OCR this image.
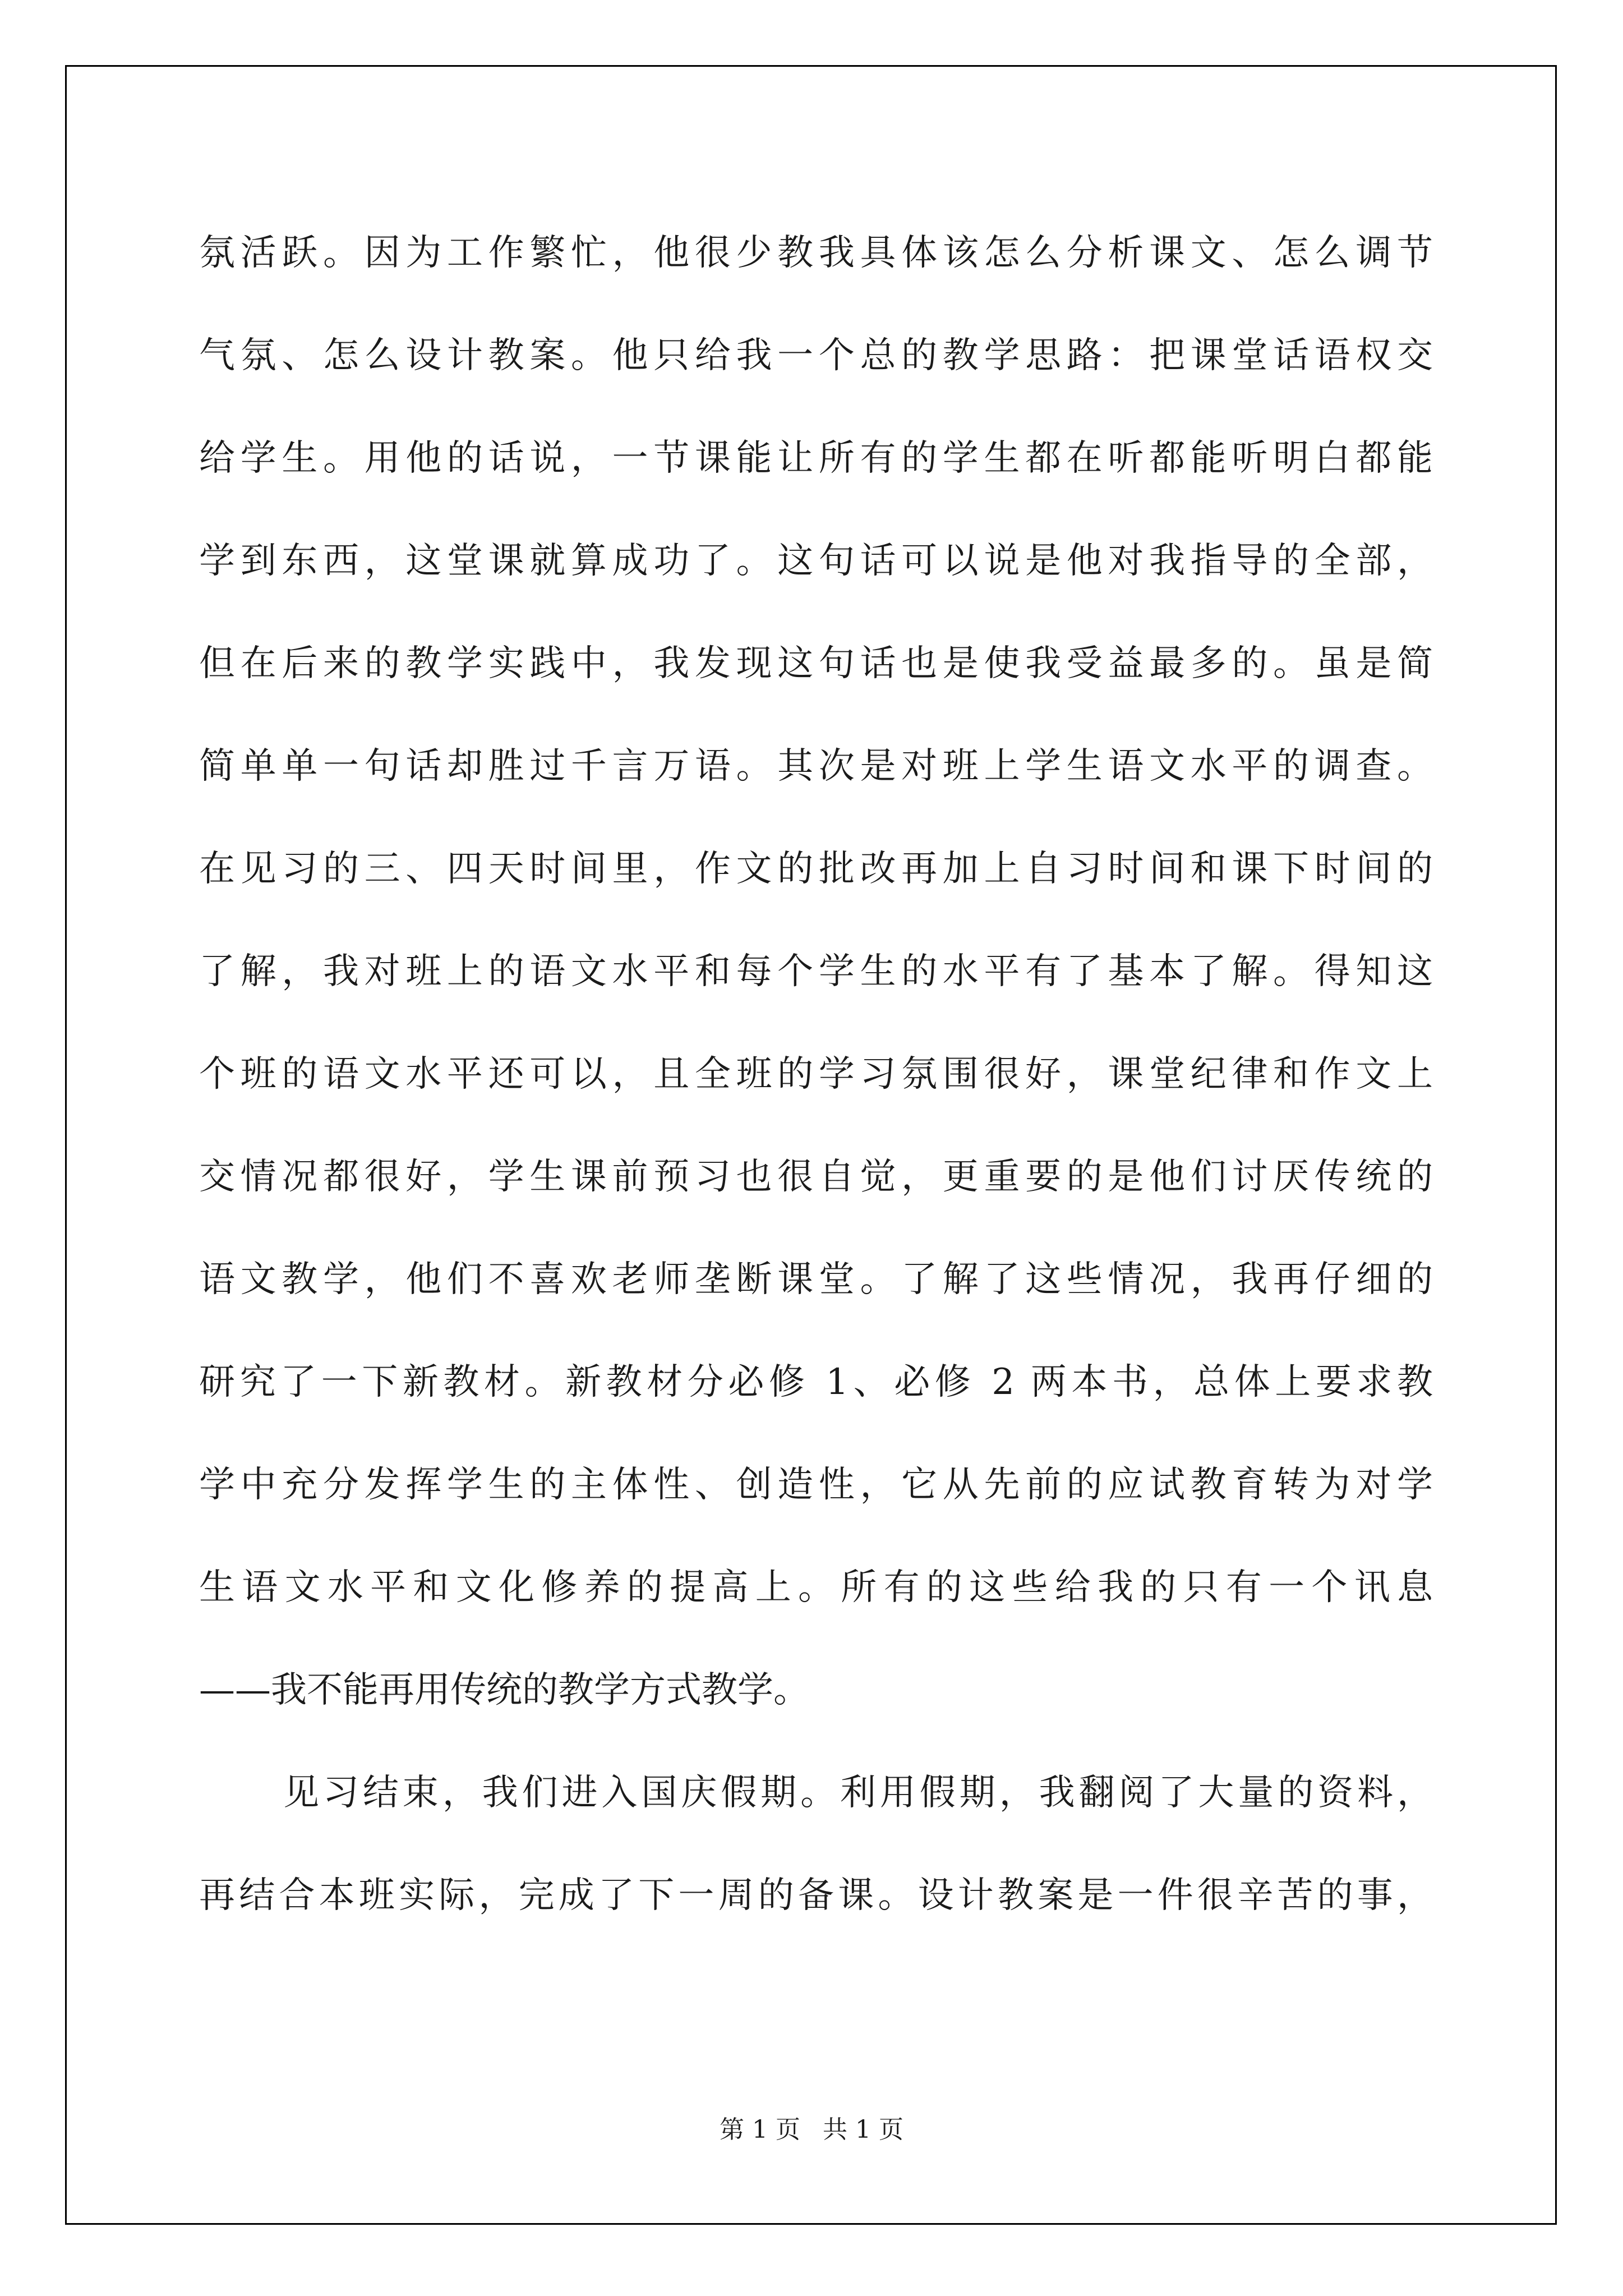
氛活跃。因为工作繁忙，他很少教我具体该怎么分析课文、怎么调节
气氛、怎么设计教案。他只给我一个总的教学思路：把课堂话语权交
给学生。用他的话说，一节课能让所有的学生都在听都能听明白都能
学到东西，这堂课就算成功了。这句话可以说是他对我指导的全部，
但在后来的教学实践中，我发现这句话也是使我受益最多的。虽是简
简单单一句话却胜过千言万语。其次是对班上学生语文水平的调查。
在见习的三、四天时间里，作文的批改再加上自习时间和课下时间的
了解，我对班上的语文水平和每个学生的水平有了基本了解。得知这
个班的语文水平还可以，且全班的学习氛围很好，课堂纪律和作文上
交情况都很好，学生课前预习也很自觉，更重要的是他们讨厌传统的
语文教学，他们不喜欢老师垄断课堂。了解了这些情况，我再仔细的
研究了一下新教材。新教材分必修 1、必修 2 两本书，总体上要求教
学中充分发挥学生的主体性、创造性，它从先前的应试教育转为对学
生语文水平和文化修养的提高上。所有的这些给我的只有一个讯息
——我不能再用传统的教学方式教学。
见习结束，我们进入国庆假期。利用假期，我翻阅了大量的资料，
再结合本班实际，完成了下一周的备课。设计教案是一件很辛苦的事，
第 1 页 共 1 页
